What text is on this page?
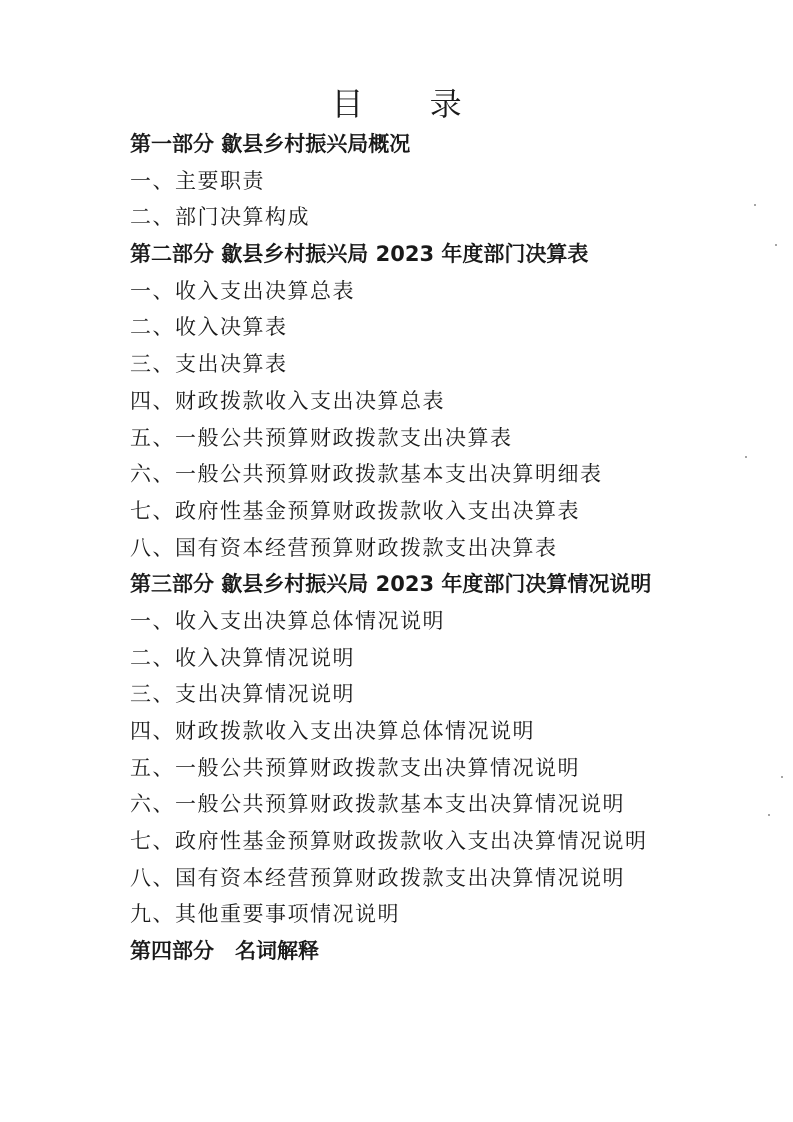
目 录
第一部分 歙县乡村振兴局概况
一、主要职责
二、部门决算构成
第二部分 歙县乡村振兴局 2023 年度部门决算表
一、收入支出决算总表
二、收入决算表
三、支出决算表
四、财政拨款收入支出决算总表
五、一般公共预算财政拨款支出决算表
六、一般公共预算财政拨款基本支出决算明细表
七、政府性基金预算财政拨款收入支出决算表
八、国有资本经营预算财政拨款支出决算表
第三部分 歙县乡村振兴局 2023 年度部门决算情况说明
一、收入支出决算总体情况说明
二、收入决算情况说明
三、支出决算情况说明
四、财政拨款收入支出决算总体情况说明
五、一般公共预算财政拨款支出决算情况说明
六、一般公共预算财政拨款基本支出决算情况说明
七、政府性基金预算财政拨款收入支出决算情况说明
八、国有资本经营预算财政拨款支出决算情况说明
九、其他重要事项情况说明
第四部分　名词解释
